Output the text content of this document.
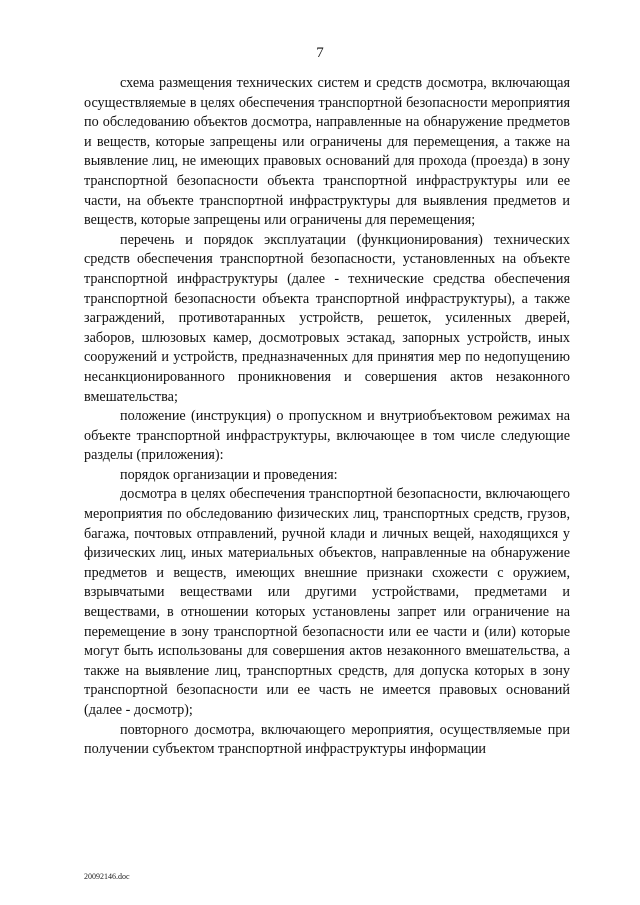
7

схема размещения технических систем и средств досмотра, включающая осуществляемые в целях обеспечения транспортной безопасности мероприятия по обследованию объектов досмотра, направленные на обнаружение предметов и веществ, которые запрещены или ограничены для перемещения, а также на выявление лиц, не имеющих правовых оснований для прохода (проезда) в зону транспортной безопасности объекта транспортной инфраструктуры или ее части, на объекте транспортной инфраструктуры для выявления предметов и веществ, которые запрещены или ограничены для перемещения;

перечень и порядок эксплуатации (функционирования) технических средств обеспечения транспортной безопасности, установленных на объекте транспортной инфраструктуры (далее - технические средства обеспечения транспортной безопасности объекта транспортной инфраструктуры), а также заграждений, противотаранных устройств, решеток, усиленных дверей, заборов, шлюзовых камер, досмотровых эстакад, запорных устройств, иных сооружений и устройств, предназначенных для принятия мер по недопущению несанкционированного проникновения и совершения актов незаконного вмешательства;

положение (инструкция) о пропускном и внутриобъектовом режимах на объекте транспортной инфраструктуры, включающее в том числе следующие разделы (приложения):

порядок организации и проведения:

досмотра в целях обеспечения транспортной безопасности, включающего мероприятия по обследованию физических лиц, транспортных средств, грузов, багажа, почтовых отправлений, ручной клади и личных вещей, находящихся у физических лиц, иных материальных объектов, направленные на обнаружение предметов и веществ, имеющих внешние признаки схожести с оружием, взрывчатыми веществами или другими устройствами, предметами и веществами, в отношении которых установлены запрет или ограничение на перемещение в зону транспортной безопасности или ее части и (или) которые могут быть использованы для совершения актов незаконного вмешательства, а также на выявление лиц, транспортных средств, для допуска которых в зону транспортной безопасности или ее часть не имеется правовых оснований (далее - досмотр);

повторного досмотра, включающего мероприятия, осуществляемые при получении субъектом транспортной инфраструктуры информации

20092146.doc
